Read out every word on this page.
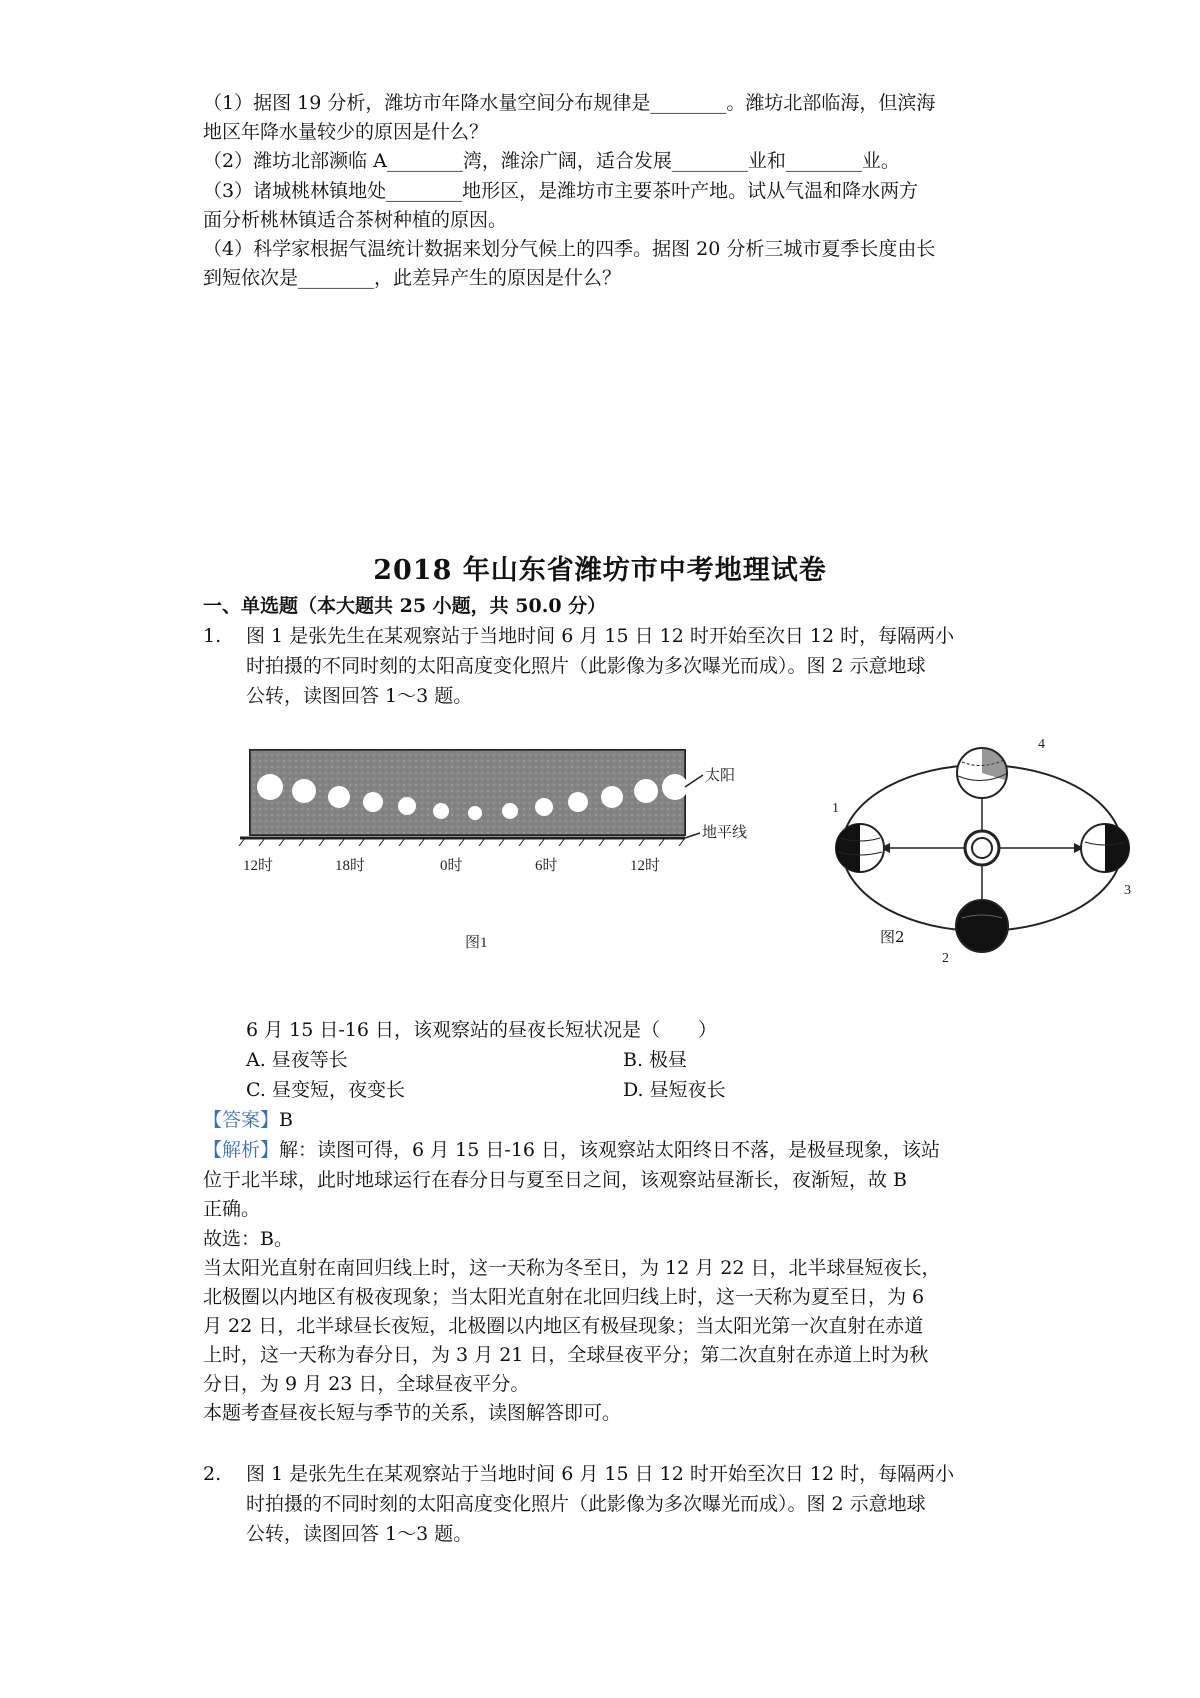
（1）据图 19 分析，潍坊市年降水量空间分布规律是________。潍坊北部临海，但滨海
地区年降水量较少的原因是什么？
（2）潍坊北部濒临 A________湾，潍涂广阔，适合发展________业和________业。
（3）诸城桃林镇地处________地形区，是潍坊市主要茶叶产地。试从气温和降水两方
面分析桃林镇适合茶树种植的原因。
（4）科学家根据气温统计数据来划分气候上的四季。据图 20 分析三城市夏季长度由长
到短依次是________，此差异产生的原因是什么？
2018 年山东省潍坊市中考地理试卷
一、单选题（本大题共 25 小题，共 50.0 分）
1. 图 1 是张先生在某观察站于当地时间 6 月 15 日 12 时开始至次日 12 时，每隔两小
时拍摄的不同时刻的太阳高度变化照片（此影像为多次曝光而成）。图 2 示意地球
公转，读图回答 1～3 题。
太阳
地平线
12时	18时	0时	6时	12时
图1
1
4
3
2
图2
6 月 15 日-16 日，该观察站的昼夜长短状况是（　　）
A. 昼夜等长	B. 极昼
C. 昼变短，夜变长	D. 昼短夜长
【答案】B
【解析】解：读图可得，6 月 15 日-16 日，该观察站太阳终日不落，是极昼现象，该站
位于北半球，此时地球运行在春分日与夏至日之间，该观察站昼渐长，夜渐短，故 B
正确。
故选：B。
当太阳光直射在南回归线上时，这一天称为冬至日，为 12 月 22 日，北半球昼短夜长，
北极圈以内地区有极夜现象；当太阳光直射在北回归线上时，这一天称为夏至日，为 6
月 22 日，北半球昼长夜短，北极圈以内地区有极昼现象；当太阳光第一次直射在赤道
上时，这一天称为春分日，为 3 月 21 日，全球昼夜平分；第二次直射在赤道上时为秋
分日，为 9 月 23 日，全球昼夜平分。
本题考查昼夜长短与季节的关系，读图解答即可。
2. 图 1 是张先生在某观察站于当地时间 6 月 15 日 12 时开始至次日 12 时，每隔两小
时拍摄的不同时刻的太阳高度变化照片（此影像为多次曝光而成）。图 2 示意地球
公转，读图回答 1～3 题。
